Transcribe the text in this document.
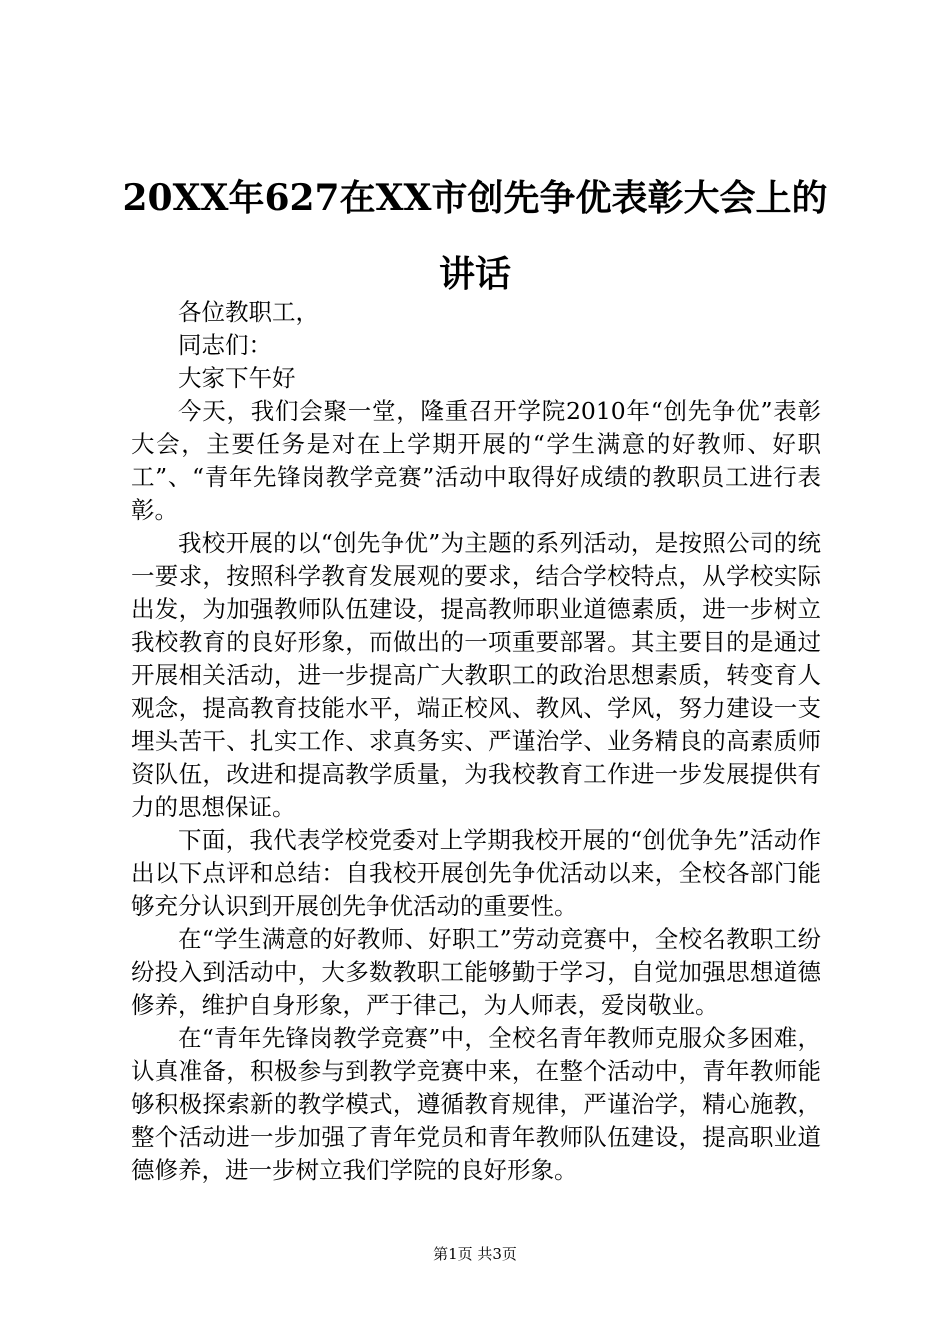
20XX年627在XX市创先争优表彰大会上的讲话

各位教职工，

同志们：

大家下午好

今天，我们会聚一堂，隆重召开学院2010年“创先争优”表彰大会，主要任务是对在上学期开展的“学生满意的好教师、好职工”、“青年先锋岗教学竞赛”活动中取得好成绩的教职员工进行表彰。

我校开展的以“创先争优”为主题的系列活动，是按照公司的统一要求，按照科学教育发展观的要求，结合学校特点，从学校实际出发，为加强教师队伍建设，提高教师职业道德素质，进一步树立我校教育的良好形象，而做出的一项重要部署。其主要目的是通过开展相关活动，进一步提高广大教职工的政治思想素质，转变育人观念，提高教育技能水平，端正校风、教风、学风，努力建设一支埋头苦干、扎实工作、求真务实、严谨治学、业务精良的高素质师资队伍，改进和提高教学质量，为我校教育工作进一步发展提供有力的思想保证。

下面，我代表学校党委对上学期我校开展的“创优争先”活动作出以下点评和总结：自我校开展创先争优活动以来，全校各部门能够充分认识到开展创先争优活动的重要性。

在“学生满意的好教师、好职工”劳动竞赛中，全校名教职工纷纷投入到活动中，大多数教职工能够勤于学习，自觉加强思想道德修养，维护自身形象，严于律己，为人师表，爱岗敬业。

在“青年先锋岗教学竞赛”中，全校名青年教师克服众多困难，认真准备，积极参与到教学竞赛中来，在整个活动中，青年教师能够积极探索新的教学模式，遵循教育规律，严谨治学，精心施教，整个活动进一步加强了青年党员和青年教师队伍建设，提高职业道德修养，进一步树立我们学院的良好形象。

第1页 共3页
